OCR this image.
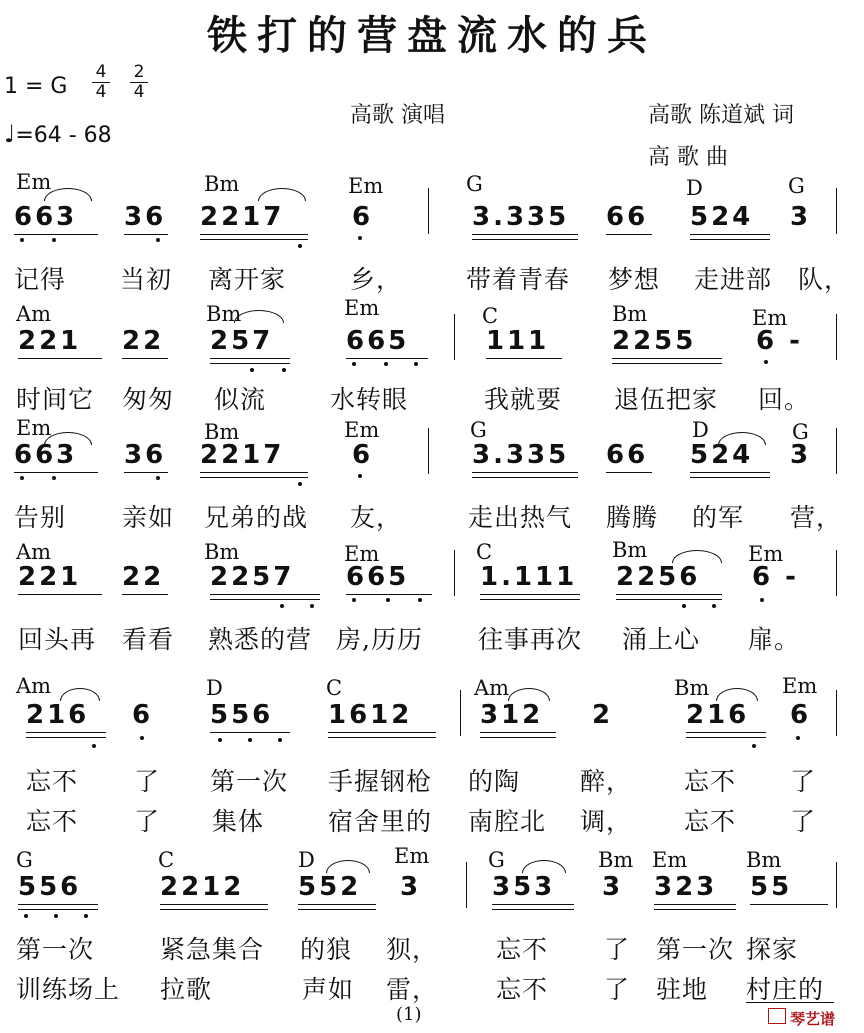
铁打的营盘流水的兵
1 = G
4
4
2
4
♩=64 - 68
高歌 演唱	高歌 陈道斌 词
高 歌 曲
Em	Bm	Em	G	D	G
663 36 2217	6	3.335 66 524 3
记得 当初 离开家	乡，	带着青春 梦想 走进部 队，
Am	Bm	Em	C	Bm	Em
221 22 257	665	111 2255 6 -
时间它 匆匆 似流	水转眼	我就要 退伍把家 回。
Em	Bm	Em	G	D	G
663 36 2217	6	3.335 66 524 3
告别 亲如 兄弟的战 友，	走出热气 腾腾 的军 营，
Am	Bm	Em	C	Bm	Em
221 22 2257 665	1.111 2256 6 -
回头再 看看 熟悉的营 房,历历 往事再次 涌上心 扉。
Am	D	C	Am	Bm	Em
216 6 556 1612	312 2	216 6
忘不 了 第一次 手握钢枪 的陶 醉， 忘不 了
忘不 了 集体	宿舍里的 南腔北 调， 忘不 了
G	C	D	Em	G	Bm Em	Bm
556	2212 552 3	353 3 323 55
第一次	紧急集合 的狼 狈， 忘不 了 第一次 探家
训练场上 拉歌	声如 雷， 忘不 了 驻地 村庄的
(1)	琴艺谱
